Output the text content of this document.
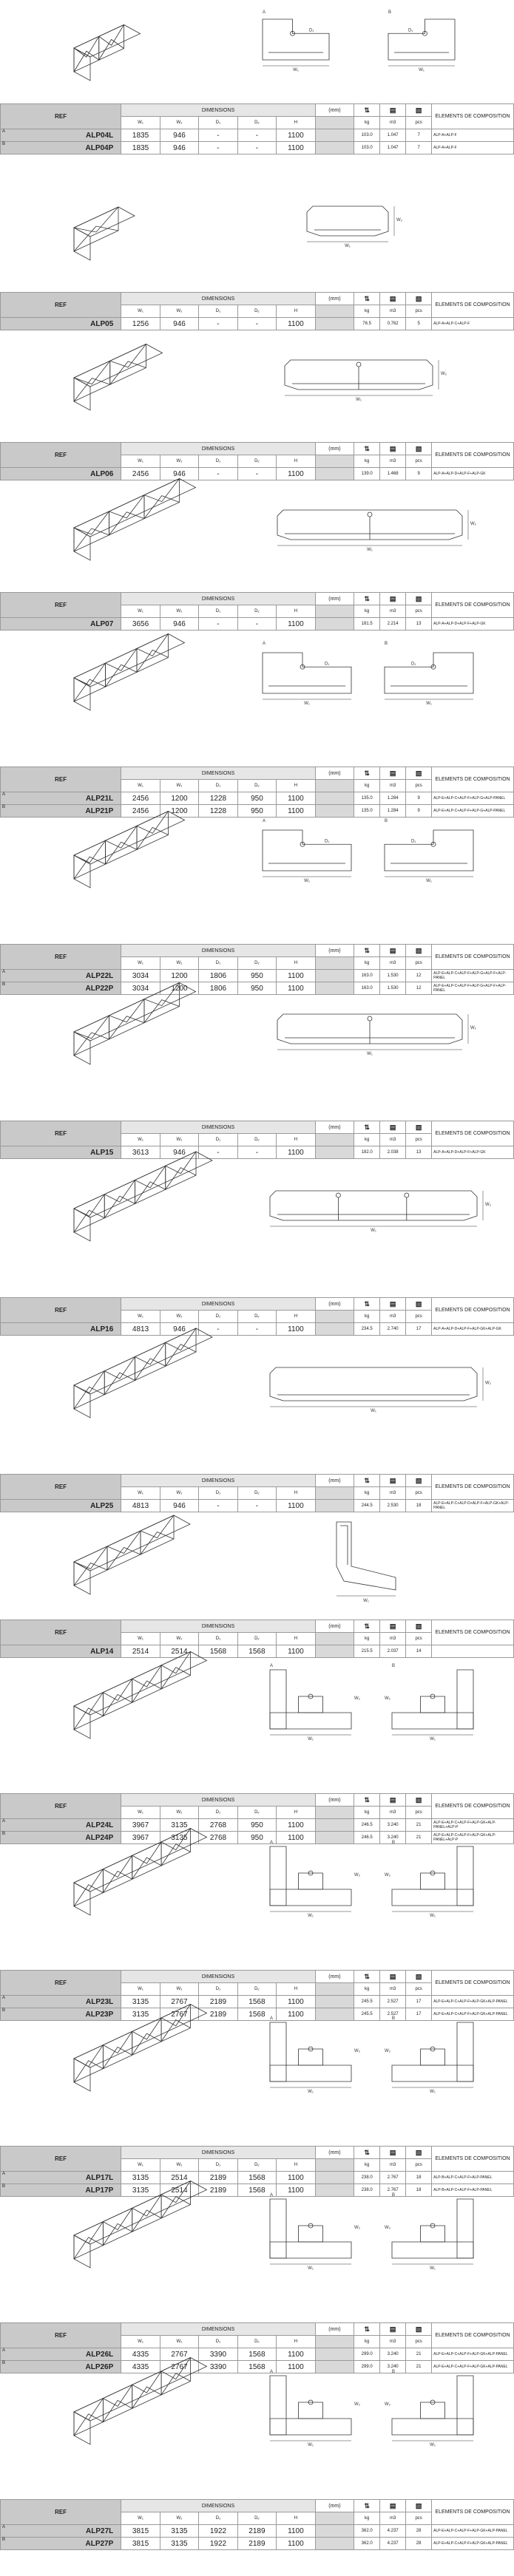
W₁
D₁
W₁
D₁
A	B
REF	DIMENSIONS					(mm)	⇅	▤	▧	ELEMENTS DE COMPOSITION
	W₁	W₂	D₁	D₂	H		kg	m3	pcs	

A ALP04L	1835	946	-	-	1100		103.0	1.047	7	ALP-A+ALP-F

B ALP04P	1835	946	-	-	1100		103.0	1.047	7	ALP-A+ALP-F
W₁
W₂
REF	DIMENSIONS					(mm)	⇅	▤	▧	ELEMENTS DE COMPOSITION
	W₁	W₂	D₁	D₂	H		kg	m3	pcs	
ALP05	1256	946	-	-	1100		76.5	0.762	5	ALP-A+ALP-C+ALP-F
W₁
W₂
REF	DIMENSIONS					(mm)	⇅	▤	▧	ELEMENTS DE COMPOSITION
	W₁	W₂	D₁	D₂	H		kg	m3	pcs	
ALP06	2456	946	-	-	1100		139.0	1.468	9	ALP-A+ALP-D+ALP-F+ALP-GK
W₁
W₂
REF	DIMENSIONS					(mm)	⇅	▤	▧	ELEMENTS DE COMPOSITION
	W₁	W₂	D₁	D₂	H		kg	m3	pcs	
ALP07	3656	946	-	-	1100		181.5	2.214	13	ALP-A+ALP-D+ALP-F+ALP-GK
W₁
D₁
W₁
D₁
A	B
REF	DIMENSIONS					(mm)	⇅	▤	▧	ELEMENTS DE COMPOSITION
	W₁	W₂	D₁	D₂	H		kg	m3	pcs	

A ALP21L	2456	1200	1228	950	1100		135.0	1.284	9	ALP-E+ALP-C+ALP-F+ALP-G+ALP-PANEL

B ALP21P	2456	1200	1228	950	1100		135.0	1.284	9	ALP-E+ALP-C+ALP-F+ALP-G+ALP-PANEL
W₁
D₁
W₁
D₁
A	B
REF	DIMENSIONS					(mm)	⇅	▤	▧	ELEMENTS DE COMPOSITION
	W₁	W₂	D₁	D₂	H		kg	m3	pcs	

A ALP22L	3034	1200	1806	950	1100		163.0	1.530	12	ALP-E+ALP-C+ALP-F+ALP-G+ALP-F+ALP-PANEL

B ALP22P	3034	1200	1806	950	1100		163.0	1.530	12	ALP-E+ALP-C+ALP-F+ALP-G+ALP-F+ALP-PANEL
W₁
W₂
REF	DIMENSIONS					(mm)	⇅	▤	▧	ELEMENTS DE COMPOSITION
	W₁	W₂	D₁	D₂	H		kg	m3	pcs	
ALP15	3613	946	-	-	1100		182.0	2.038	13	ALP-A+ALP-D+ALP-F+ALP-GK
W₁
W₂
REF	DIMENSIONS					(mm)	⇅	▤	▧	ELEMENTS DE COMPOSITION
	W₁	W₂	D₁	D₂	H		kg	m3	pcs	
ALP16	4813	946	-	-	1100		234.5	2.740	17	ALP-A+ALP-D+ALP-F+ALP-GK+ALP-GK
W₁
W₂
REF	DIMENSIONS					(mm)	⇅	▤	▧	ELEMENTS DE COMPOSITION
	W₁	W₂	D₁	D₂	H		kg	m3	pcs	
ALP25	4813	946	-	-	1100		244.5	2.530	18	ALP-E+ALP-C+ALP-D+ALP-F+ALP-GK+ALP-PANEL
W₁
REF	DIMENSIONS					(mm)	⇅	▤	▧	ELEMENTS DE COMPOSITION
	W₁	W₂	D₁	D₂	H		kg	m3	pcs	
ALP14	2514	2514	1568	1568	1100		215.5	2.037	14	
W₁
W₂
W₁
W₂
A	B
REF	DIMENSIONS					(mm)	⇅	▤	▧	ELEMENTS DE COMPOSITION
	W₁	W₂	D₁	D₂	H		kg	m3	pcs	

A ALP24L	3967	3135	2768	950	1100		246.5	3.240	21	ALP-E+ALP-C+ALP-F+ALP-GK+ALP-PANEL+ALP-P

B ALP24P	3967	3135	2768	950	1100		246.5	3.240	21	ALP-E+ALP-C+ALP-F+ALP-GK+ALP-PANEL+ALP-P
W₁
W₂
W₁
W₂
A	B
REF	DIMENSIONS					(mm)	⇅	▤	▧	ELEMENTS DE COMPOSITION
	W₁	W₂	D₁	D₂	H		kg	m3	pcs	

A ALP23L	3135	2767	2189	1568	1100		245.5	2.527	17	ALP-E+ALP-C+ALP-F+ALP-GK+ALP-PANEL

B ALP23P	3135	2767	2189	1568	1100		245.5	2.527	17	ALP-E+ALP-C+ALP-F+ALP-GK+ALP-PANEL
W₁
W₂
W₁
W₂
A	B
REF	DIMENSIONS					(mm)	⇅	▤	▧	ELEMENTS DE COMPOSITION
	W₁	W₂	D₁	D₂	H		kg	m3	pcs	

A ALP17L	3135	2514	2189	1568	1100		238.0	2.767	18	ALP-B+ALP-C+ALP-F+ALP-PANEL

B ALP17P	3135	2514	2189	1568	1100		238.0	2.767	18	ALP-B+ALP-C+ALP-F+ALP-PANEL
W₁
W₂
W₁
W₂
A	B
REF	DIMENSIONS					(mm)	⇅	▤	▧	ELEMENTS DE COMPOSITION
	W₁	W₂	D₁	D₂	H		kg	m3	pcs	

A ALP26L	4335	2767	3390	1568	1100		299.0	3.240	21	ALP-E+ALP-C+ALP-F+ALP-GK+ALP-PANEL

B ALP26P	4335	2767	3390	1568	1100		299.0	3.240	21	ALP-E+ALP-C+ALP-F+ALP-GK+ALP-PANEL
W₁
W₂
W₁
W₂
A	B
REF	DIMENSIONS					(mm)	⇅	▤	▧	ELEMENTS DE COMPOSITION
	W₁	W₂	D₁	D₂	H		kg	m3	pcs	

A ALP27L	3815	3135	1922	2189	1100		362.0	4.237	28	ALP-E+ALP-C+ALP-F+ALP-GK+ALP-PANEL

B ALP27P	3815	3135	1922	2189	1100		362.0	4.237	28	ALP-E+ALP-C+ALP-F+ALP-GK+ALP-PANEL
